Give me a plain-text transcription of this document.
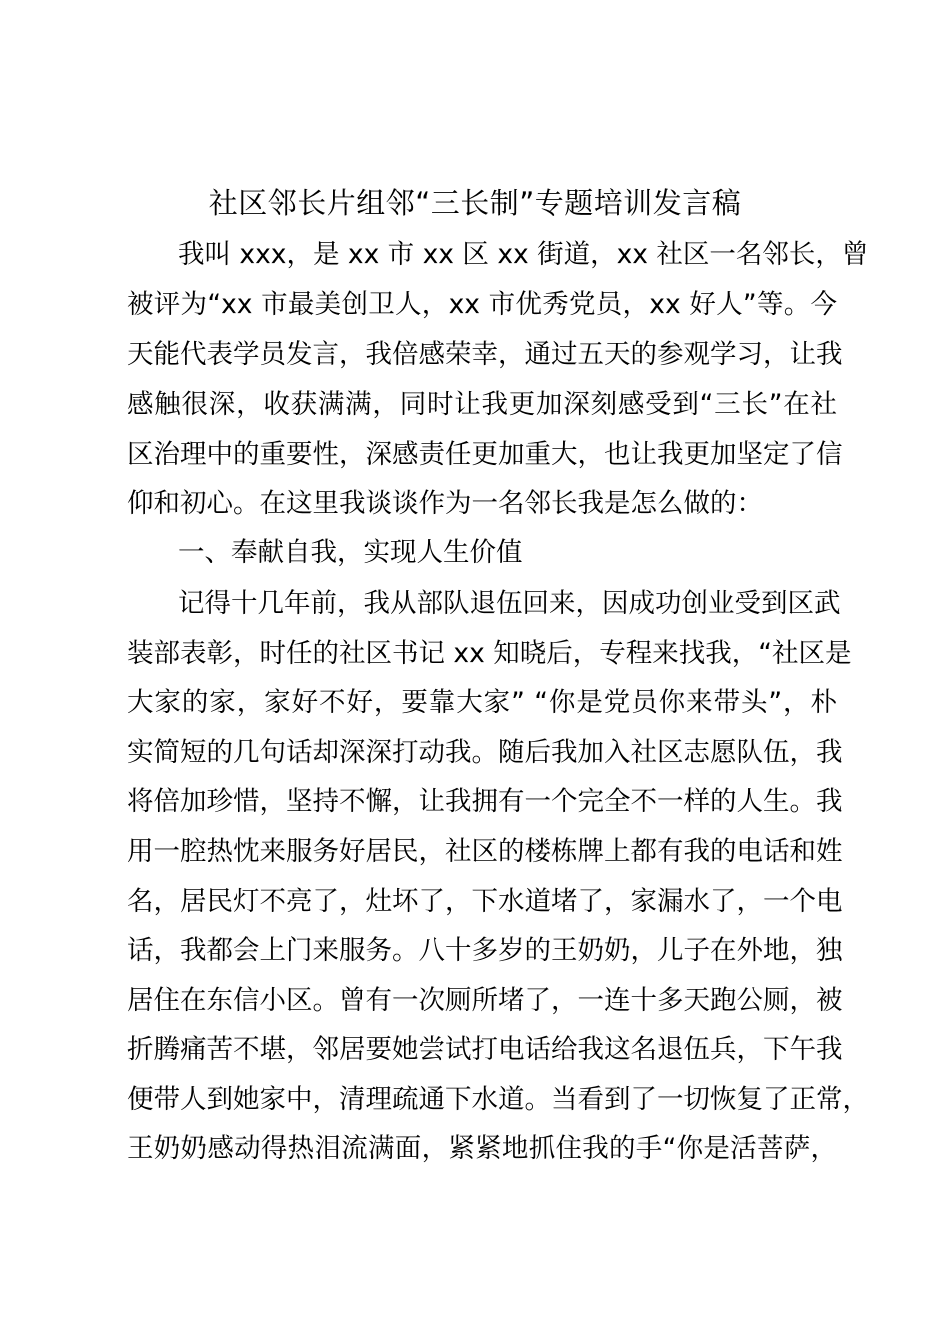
社区邻长片组邻“三长制”专题培训发言稿
我叫 xxx，是 xx 市 xx 区 xx 街道，xx 社区一名邻长，曾
被评为“xx 市最美创卫人，xx 市优秀党员，xx 好人”等。今
天能代表学员发言，我倍感荣幸，通过五天的参观学习，让我
感触很深，收获满满，同时让我更加深刻感受到“三长”在社
区治理中的重要性，深感责任更加重大，也让我更加坚定了信
仰和初心。在这里我谈谈作为一名邻长我是怎么做的：
一、奉献自我，实现人生价值
记得十几年前，我从部队退伍回来，因成功创业受到区武
装部表彰，时任的社区书记 xx 知晓后，专程来找我，“社区是
大家的家，家好不好，要靠大家” “你是党员你来带头”，朴
实简短的几句话却深深打动我。随后我加入社区志愿队伍，我
将倍加珍惜，坚持不懈，让我拥有一个完全不一样的人生。我
用一腔热忱来服务好居民，社区的楼栋牌上都有我的电话和姓
名，居民灯不亮了，灶坏了，下水道堵了，家漏水了，一个电
话，我都会上门来服务。八十多岁的王奶奶，儿子在外地，独
居住在东信小区。曾有一次厕所堵了，一连十多天跑公厕，被
折腾痛苦不堪，邻居要她尝试打电话给我这名退伍兵，下午我
便带人到她家中，清理疏通下水道。当看到了一切恢复了正常，
王奶奶感动得热泪流满面，紧紧地抓住我的手“你是活菩萨，
